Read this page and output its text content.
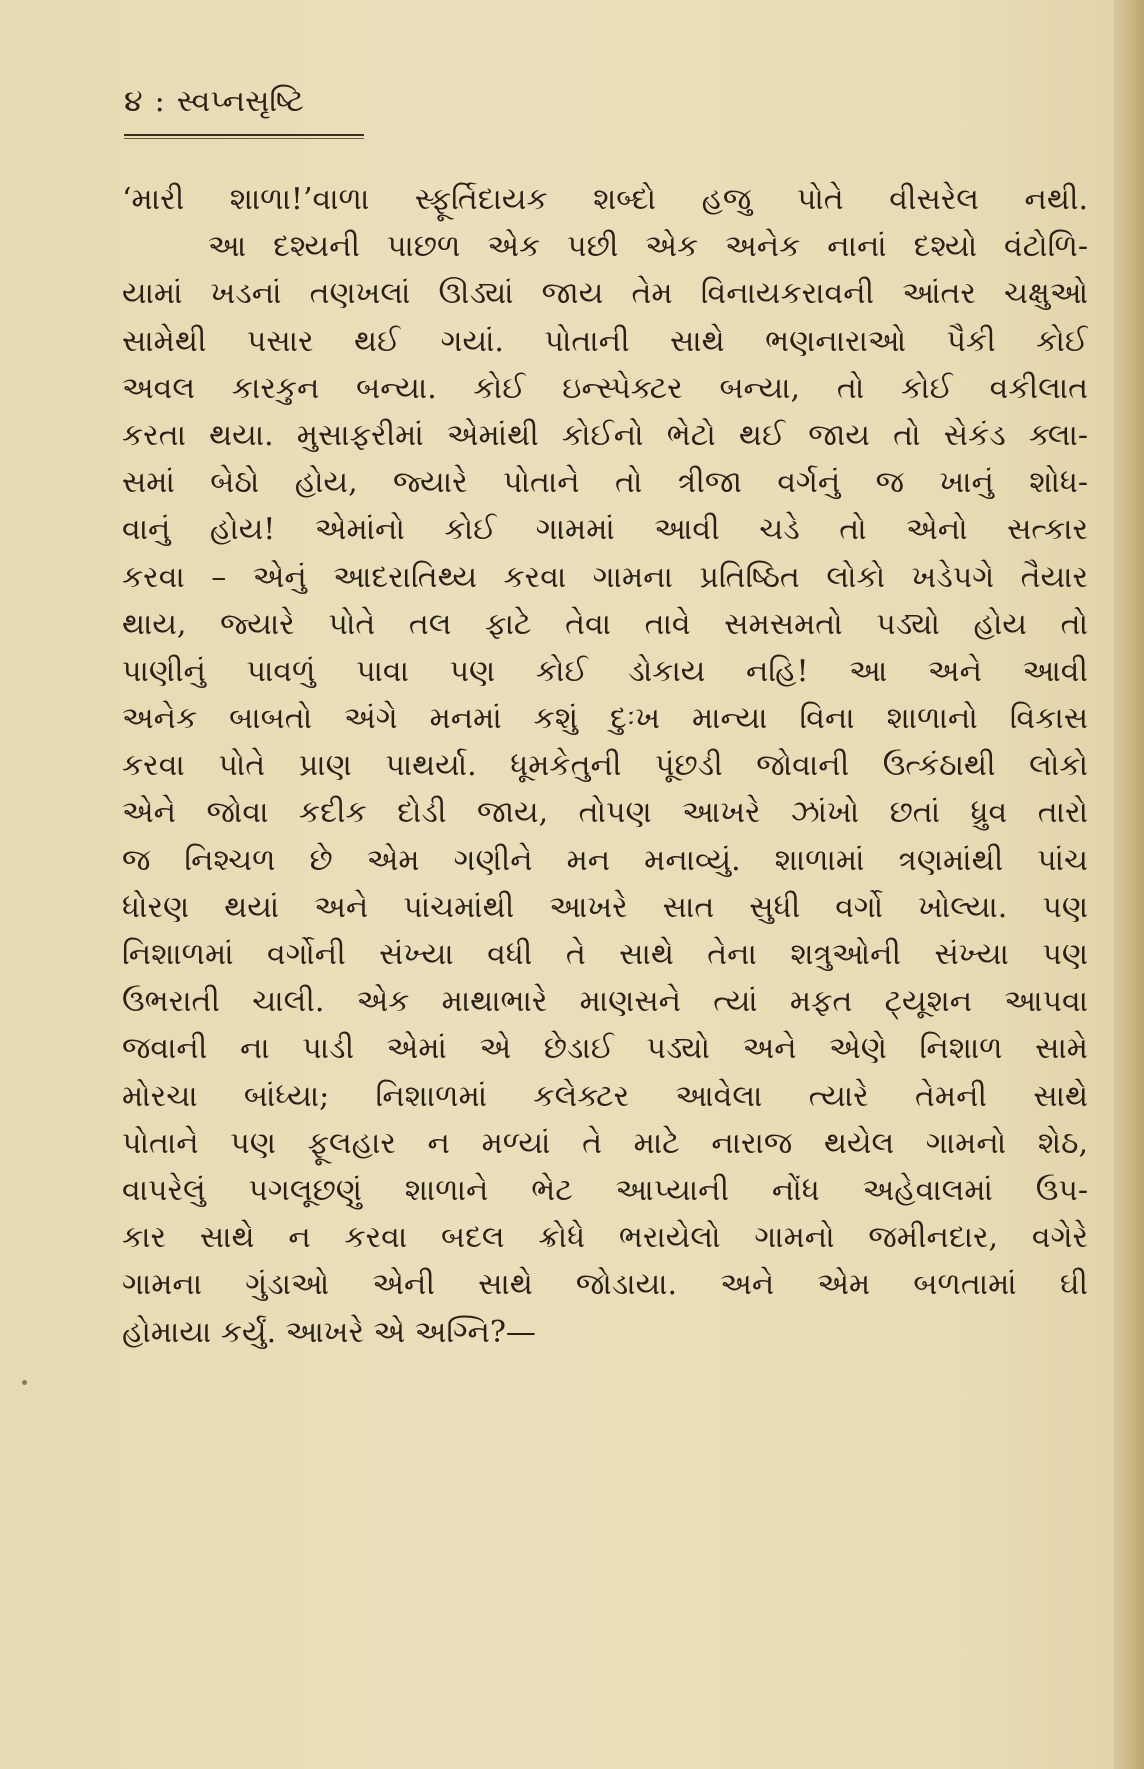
૪ : સ્વપ્નસૃષ્ટિ
‘મારી શાળા!’વાળા સ્ફૂર્તિદાયક શબ્દો હજુ પોતે વીસરેલ નથી.
આ દશ્યની પાછળ એક પછી એક અનેક નાનાં દશ્યો વંટોળિ-
યામાં ખડનાં તણખલાં ઊડ્યાં જાય તેમ વિનાયકરાવની આંતર ચક્ષુઓ
સામેથી પસાર થઈ ગયાં. પોતાની સાથે ભણનારાઓ પૈકી કોઈ
અવલ કારકુન બન્યા. કોઈ ઇન્સ્પેક્ટર બન્યા, તો કોઈ વકીલાત
કરતા થયા. મુસાફરીમાં એમાંથી કોઈનો ભેટો થઈ જાય તો સેકંડ ક્લા-
સમાં બેઠો હોય, જ્યારે પોતાને તો ત્રીજા વર્ગનું જ ખાનું શોધ-
વાનું હોય! એમાંનો કોઈ ગામમાં આવી ચડે તો એનો સત્કાર
કરવા – એનું આદરાતિથ્ય કરવા ગામના પ્રતિષ્ઠિત લોકો ખડેપગે તૈયાર
થાય, જ્યારે પોતે તલ ફાટે તેવા તાવે સમસમતો પડ્યો હોય તો
પાણીનું પાવળું પાવા પણ કોઈ ડોકાય નહિ! આ અને આવી
અનેક બાબતો અંગે મનમાં કશું દુઃખ માન્યા વિના શાળાનો વિકાસ
કરવા પોતે પ્રાણ પાથર્યા. ધૂમકેતુની પૂંછડી જોવાની ઉત્કંઠાથી લોકો
એને જોવા કદીક દોડી જાય, તોપણ આખરે ઝાંખો છતાં ધ્રુવ તારો
જ નિશ્ચળ છે એમ ગણીને મન મનાવ્યું. શાળામાં ત્રણમાંથી પાંચ
ધોરણ થયાં અને પાંચમાંથી આખરે સાત સુધી વર્ગો ખોલ્યા. પણ
નિશાળમાં વર્ગોની સંખ્યા વધી તે સાથે તેના શત્રુઓની સંખ્યા પણ
ઉભરાતી ચાલી. એક માથાભારે માણસને ત્યાં મફત ટ્યૂશન આપવા
જવાની ના પાડી એમાં એ છેડાઈ પડ્યો અને એણે નિશાળ સામે
મોરચા બાંધ્યા; નિશાળમાં કલેક્ટર આવેલા ત્યારે તેમની સાથે
પોતાને પણ ફૂલહાર ન મળ્યાં તે માટે નારાજ થયેલ ગામનો શેઠ,
વાપરેલું પગલૂછણું શાળાને ભેટ આપ્યાની નોંધ અહેવાલમાં ઉપ-
કાર સાથે ન કરવા બદલ ક્રોધે ભરાયેલો ગામનો જમીનદાર, વગેરે
ગામના ગુંડાઓ એની સાથે જોડાયા. અને એમ બળતામાં ઘી
હોમાયા કર્યું. આખરે એ અગ્નિ?—
